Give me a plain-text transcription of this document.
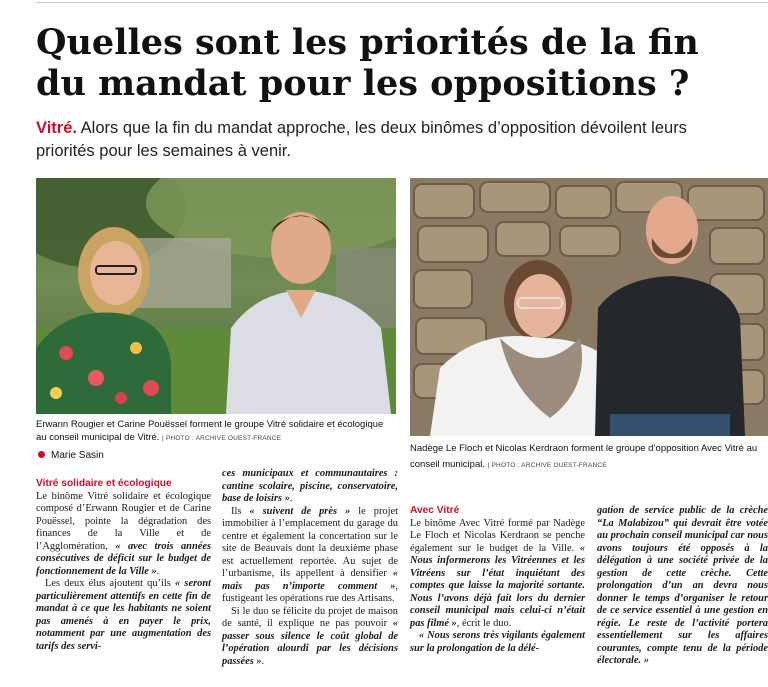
Quelles sont les priorités de la fin
du mandat pour les oppositions ?

Vitré. Alors que la fin du mandat approche, les deux binômes d’opposition dévoilent leurs priorités pour les semaines à venir.

Erwann Rougier et Carine Pouëssel forment le groupe Vitré solidaire et écologique au conseil municipal de Vitré. | PHOTO : ARCHIVE OUEST-FRANCE

Nadège Le Floch et Nicolas Kerdraon forment le groupe d’opposition Avec Vitré au conseil municipal. | PHOTO : ARCHIVE OUEST-FRANCE

Marie Sasin

Vitré solidaire et écologique

Le binôme Vitré solidaire et écologique composé d’Erwann Rougier et de Carine Pouëssel, pointe la dégradation des finances de la Ville et de l’Agglomération, « avec trois années consécutives de déficit sur le budget de fonctionnement de la Ville ».

Les deux élus ajoutent qu’ils « seront particulièrement attentifs en cette fin de mandat à ce que les habitants ne soient pas amenés à en payer le prix, notamment par une augmentation des tarifs des servi-

ces municipaux et communautaires : cantine scolaire, piscine, conservatoire, base de loisirs ».

Ils « suivent de près » le projet immobilier à l’emplacement du garage du centre et également la concertation sur le site de Beauvais dont la deuxième phase est actuellement reportée. Au sujet de l’urbanisme, ils appellent à densifier « mais pas n’importe comment », fustigeant les opérations rue des Artisans.

Si le duo se félicite du projet de maison de santé, il explique ne pas pouvoir « passer sous silence le coût global de l’opération alourdi par les décisions passées ».

Avec Vitré

Le binôme Avec Vitré formé par Nadège Le Floch et Nicolas Kerdraon se penche également sur le budget de la Ville. « Nous informerons les Vitréennes et les Vitréens sur l’état inquiétant des comptes que laisse la majorité sortante. Nous l’avons déjà fait lors du dernier conseil municipal mais celui-ci n’était pas filmé », écrit le duo.

« Nous serons très vigilants également sur la prolongation de la délé-

gation de service public de la crèche “La Malabizou” qui devrait être votée au prochain conseil municipal car nous avons toujours été opposés à la délégation à une société privée de la gestion de cette crèche. Cette prolongation d’un an devra nous donner le temps d’organiser le retour de ce service essentiel à une gestion en régie. Le reste de l’activité portera essentiellement sur les affaires courantes, compte tenu de la période électorale. »
